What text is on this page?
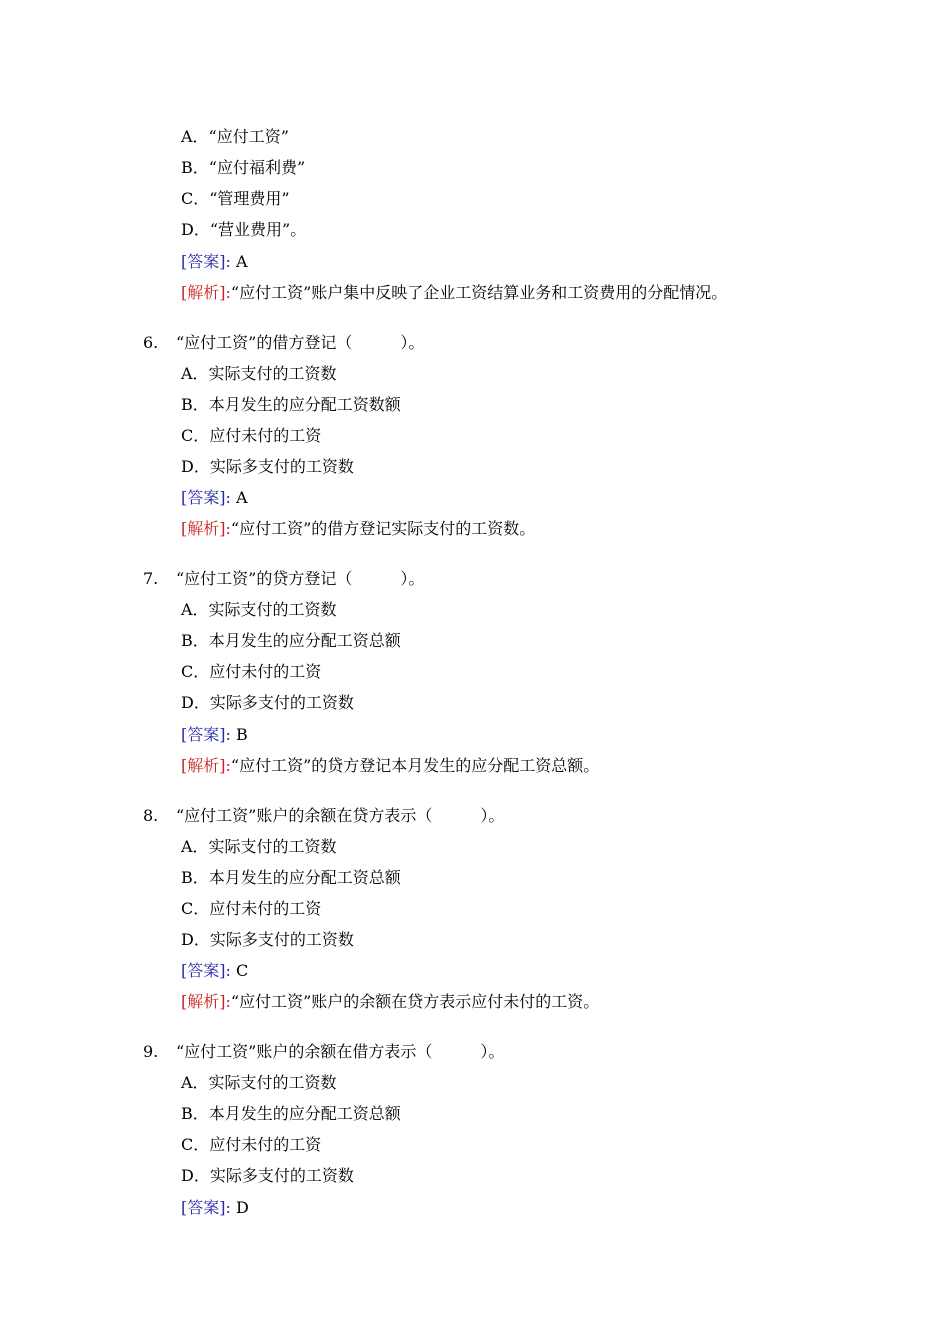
A．“应付工资”
B．“应付福利费”
C．“管理费用”
D．“营业费用”。
[答案]: A
[解析]:“应付工资”账户集中反映了企业工资结算业务和工资费用的分配情况。
6. “应付工资”的借方登记（　　　）。
A．实际支付的工资数
B．本月发生的应分配工资数额
C．应付未付的工资
D．实际多支付的工资数
[答案]: A
[解析]:“应付工资”的借方登记实际支付的工资数。
7. “应付工资”的贷方登记（　　　）。
A．实际支付的工资数
B．本月发生的应分配工资总额
C．应付未付的工资
D．实际多支付的工资数
[答案]: B
[解析]:“应付工资”的贷方登记本月发生的应分配工资总额。
8. “应付工资”账户的余额在贷方表示（　　　）。
A．实际支付的工资数
B．本月发生的应分配工资总额
C．应付未付的工资
D．实际多支付的工资数
[答案]: C
[解析]:“应付工资”账户的余额在贷方表示应付未付的工资。
9. “应付工资”账户的余额在借方表示（　　　）。
A．实际支付的工资数
B．本月发生的应分配工资总额
C．应付未付的工资
D．实际多支付的工资数
[答案]: D
